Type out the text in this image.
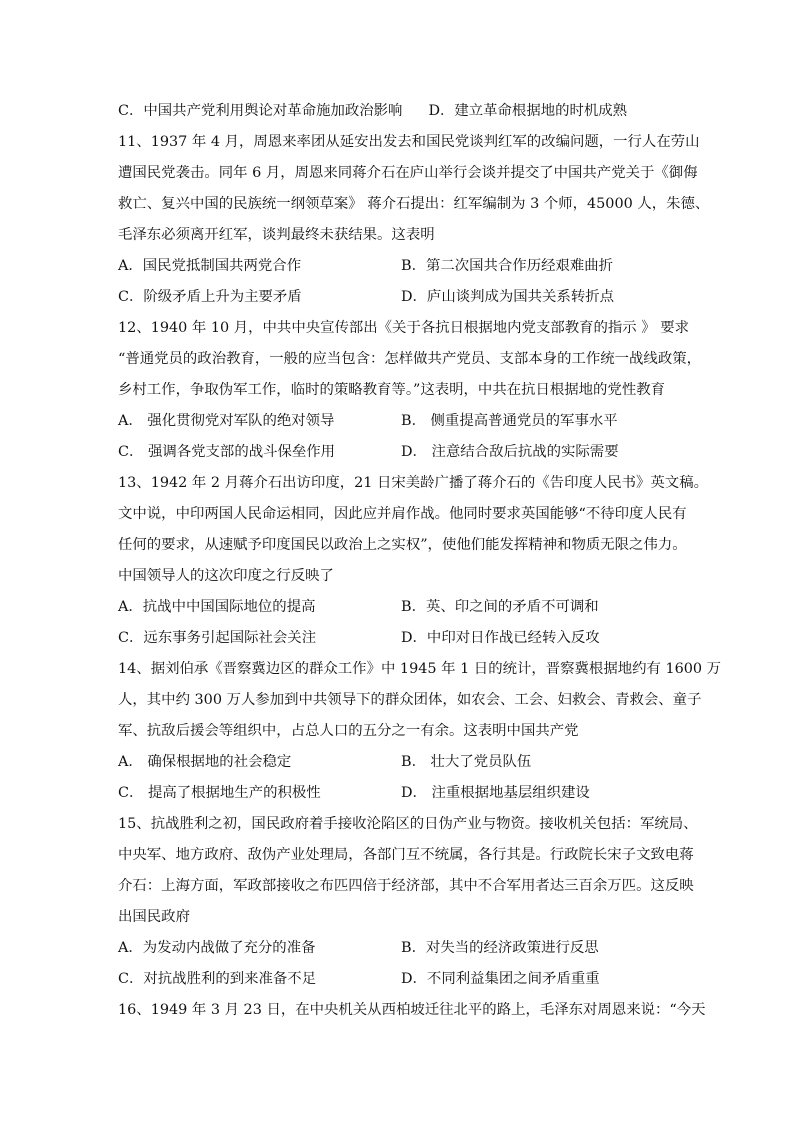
C．中国共产党利用舆论对革命施加政治影响 D．建立革命根据地的时机成熟
11、1937 年 4 月，周恩来率团从延安出发去和国民党谈判红军的改编问题，一行人在劳山
遭国民党袭击。同年 6 月，周恩来同蒋介石在庐山举行会谈并提交了中国共产党关于《御侮
救亡、复兴中国的民族统一纲领草案》 蒋介石提出：红军编制为 3 个师，45000 人，朱德、
毛泽东必须离开红军，谈判最终未获结果。这表明
A．国民党抵制国共两党合作	B．第二次国共合作历经艰难曲折
C．阶级矛盾上升为主要矛盾	D．庐山谈判成为国共关系转折点
12、1940 年 10 月，中共中央宣传部出《关于各抗日根据地内党支部教育的指示 》 要求
“普通党员的政治教育，一般的应当包含：怎样做共产党员、支部本身的工作统一战线政策，
乡村工作，争取伪军工作，临时的策略教育等。”这表明，中共在抗日根据地的党性教育
A． 强化贯彻党对军队的绝对领导	B． 侧重提高普通党员的军事水平
C． 强调各党支部的战斗保垒作用	D． 注意结合敌后抗战的实际需要
13、1942 年 2 月蒋介石出访印度，21 日宋美龄广播了蒋介石的《告印度人民书》英文稿。
文中说，中印两国人民命运相同，因此应并肩作战。他同时要求英国能够“不待印度人民有
任何的要求，从速赋予印度国民以政治上之实权”，使他们能发挥精神和物质无限之伟力。
中国领导人的这次印度之行反映了
A．抗战中中国国际地位的提高	B．英、印之间的矛盾不可调和
C．远东事务引起国际社会关注	D．中印对日作战已经转入反攻
14、据刘伯承《晋察冀边区的群众工作》中 1945 年 1 日的统计，晋察冀根据地约有 1600 万
人，其中约 300 万人参加到中共领导下的群众团体，如农会、工会、妇救会、青救会、童子
军、抗敌后援会等组织中，占总人口的五分之一有余。这表明中国共产党
A． 确保根据地的社会稳定	B． 壮大了党员队伍
C． 提高了根据地生产的积极性	D． 注重根据地基层组织建设
15、抗战胜利之初，国民政府着手接收沦陷区的日伪产业与物资。接收机关包括：军统局、
中央军、地方政府、敌伪产业处理局，各部门互不统属，各行其是。行政院长宋子文致电蒋
介石：上海方面，军政部接收之布匹四倍于经济部，其中不合军用者达三百余万匹。这反映
出国民政府
A．为发动内战做了充分的准备	B．对失当的经济政策进行反思
C．对抗战胜利的到来准备不足	D．不同利益集团之间矛盾重重
16、1949 年 3 月 23 日，在中央机关从西柏坡迁往北平的路上，毛泽东对周恩来说：“今天
